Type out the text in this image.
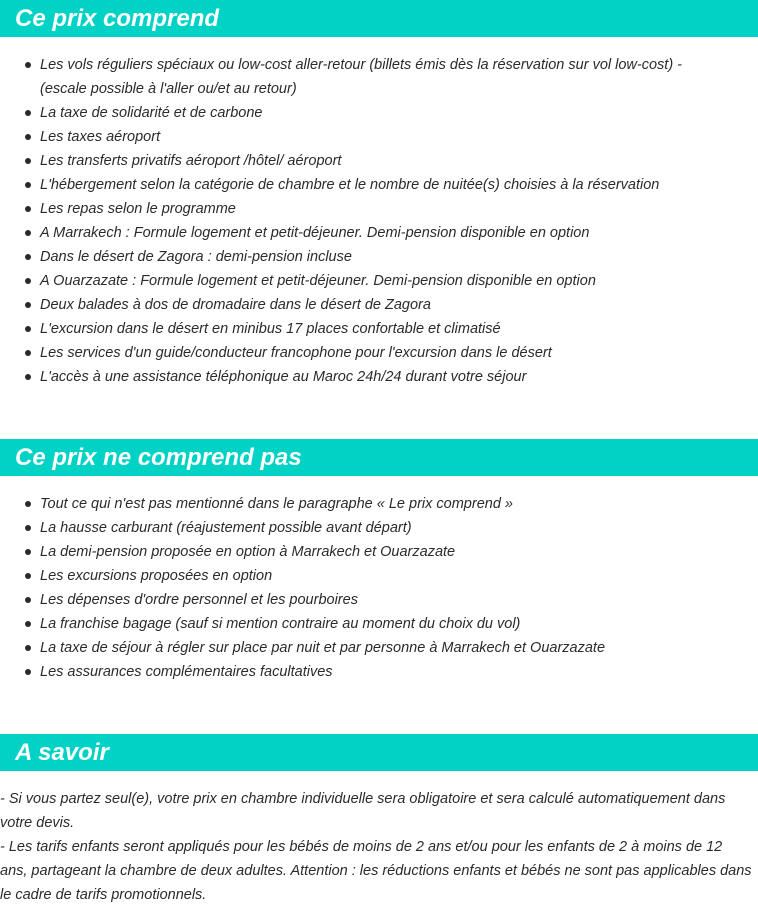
Ce prix comprend
Les vols réguliers spéciaux ou low-cost aller-retour (billets émis dès la réservation sur vol low-cost) - (escale possible à l'aller ou/et au retour)
La taxe de solidarité et de carbone
Les taxes aéroport
Les transferts privatifs aéroport /hôtel/ aéroport
L'hébergement selon la catégorie de chambre et le nombre de nuitée(s) choisies à la réservation
Les repas selon le programme
A Marrakech : Formule logement et petit-déjeuner. Demi-pension disponible en option
Dans le désert de Zagora : demi-pension incluse
A Ouarzazate : Formule logement et petit-déjeuner. Demi-pension disponible en option
Deux balades à dos de dromadaire dans le désert de Zagora
L'excursion dans le désert en minibus 17 places confortable et climatisé
Les services d'un guide/conducteur francophone pour l'excursion dans le désert
L'accès à une assistance téléphonique au Maroc 24h/24 durant votre séjour
Ce prix ne comprend pas
Tout ce qui n'est pas mentionné dans le paragraphe « Le prix comprend »
La hausse carburant (réajustement possible avant départ)
La demi-pension proposée en option à Marrakech et Ouarzazate
Les excursions proposées en option
Les dépenses d'ordre personnel et les pourboires
La franchise bagage (sauf si mention contraire au moment du choix du vol)
La taxe de séjour à régler sur place par nuit et par personne à Marrakech et Ouarzazate
Les assurances complémentaires facultatives
A savoir

- Si vous partez seul(e), votre prix en chambre individuelle sera obligatoire et sera calculé automatiquement dans votre devis.

- Les tarifs enfants seront appliqués pour les bébés de moins de 2 ans et/ou pour les enfants de 2 à moins de 12 ans, partageant la chambre de deux adultes. Attention : les réductions enfants et bébés ne sont pas applicables dans le cadre de tarifs promotionnels.
